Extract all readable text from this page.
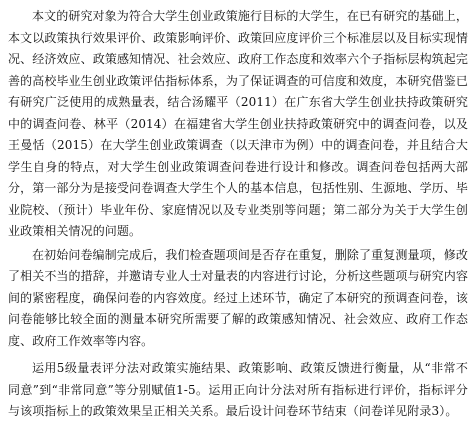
本文的研究对象为符合大学生创业政策施行目标的大学生，在已有研究的基础上，本文以政策执行效果评价、政策影响评价、政策回应度评价三个标准层以及目标实现情况、经济效应、政策感知情况、社会效应、政府工作态度和效率六个子指标层构筑起完善的高校毕业生创业政策评估指标体系，为了保证调查的可信度和效度，本研究借鉴已有研究广泛使用的成熟量表，结合汤耀平（2011）在广东省大学生创业扶持政策研究中的调查问卷、林平（2014）在福建省大学生创业扶持政策研究中的调查问卷，以及王曼恬（2015）在大学生创业政策调查（以天津市为例）中的调查问卷，并且结合大学生自身的特点，对大学生创业政策调查问卷进行设计和修改。调查问卷包括两大部分，第一部分为是接受问卷调查大学生个人的基本信息，包括性别、生源地、学历、毕业院校、（预计）毕业年份、家庭情况以及专业类别等问题；第二部分为关于大学生创业政策相关情况的问题。

在初始问卷编制完成后，我们检查题项间是否存在重复，删除了重复测量项，修改了相关不当的措辞，并邀请专业人士对量表的内容进行讨论，分析这些题项与研究内容间的紧密程度，确保问卷的内容效度。经过上述环节，确定了本研究的预调查问卷，该问卷能够比较全面的测量本研究所需要了解的政策感知情况、社会效应、政府工作态度、政府工作效率等内容。

运用5级量表评分法对政策实施结果、政策影响、政策反馈进行衡量，从“非常不同意”到“非常同意”等分别赋值1-5。运用正向计分法对所有指标进行评价，指标评分与该项指标上的政策效果呈正相关关系。最后设计问卷环节结束（问卷详见附录3）。
